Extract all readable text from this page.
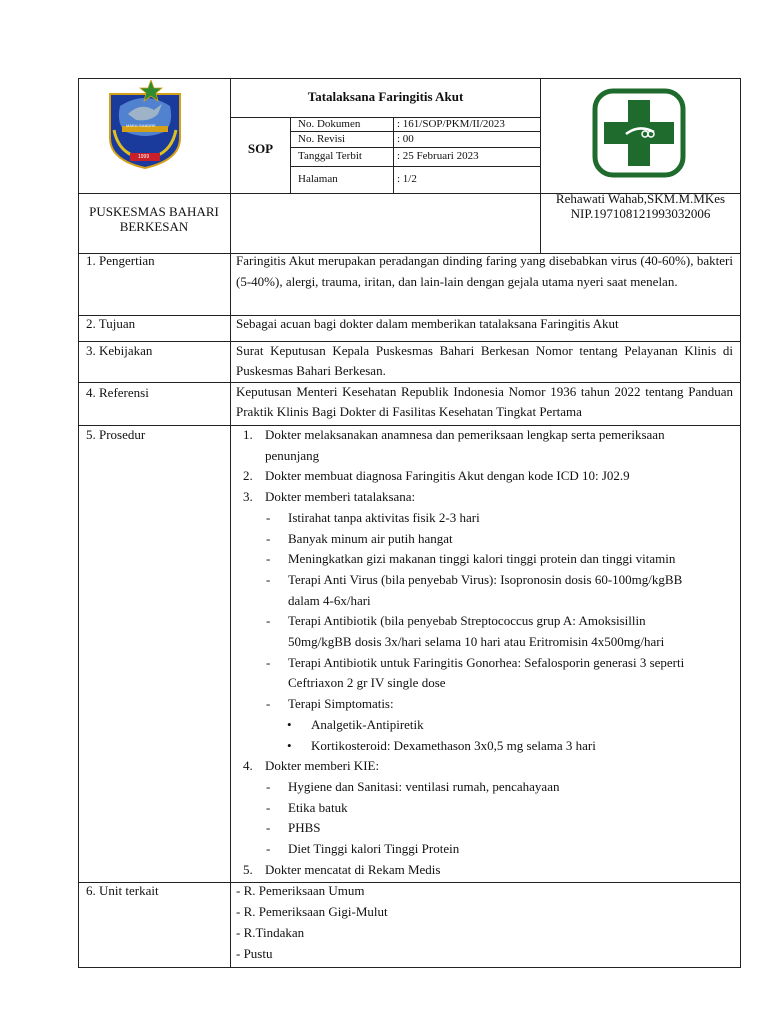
MAKU GANDRE
1999
Tatalaksana Faringitis Akut
SOP
No. Dokumen	: 161/SOP/PKM/II/2023
No. Revisi	: 00
Tanggal Terbit	: 25 Februari 2023
Halaman	: 1/2
PUSKESMAS BAHARI BERKESAN
Rehawati Wahab,SKM.M.MKes
NIP.197108121993032006
1. Pengertian	Faringitis Akut merupakan peradangan dinding faring yang disebabkan virus (40-60%), bakteri (5-40%), alergi, trauma, iritan, dan lain-lain dengan gejala utama nyeri saat menelan.
2. Tujuan	Sebagai acuan bagi dokter dalam memberikan tatalaksana Faringitis Akut
3. Kebijakan	Surat Keputusan Kepala Puskesmas Bahari Berkesan Nomor tentang Pelayanan Klinis di Puskesmas Bahari Berkesan.
4. Referensi	Keputusan Menteri Kesehatan Republik Indonesia Nomor 1936 tahun 2022 tentang Panduan Praktik Klinis Bagi Dokter di Fasilitas Kesehatan Tingkat Pertama
5. Prosedur	1. Dokter melaksanakan anamnesa dan pemeriksaan lengkap serta pemeriksaan
penunjang
2. Dokter membuat diagnosa Faringitis Akut dengan kode ICD 10: J02.9
3. Dokter memberi tatalaksana:
- Istirahat tanpa aktivitas fisik 2-3 hari
- Banyak minum air putih hangat
- Meningkatkan gizi makanan tinggi kalori tinggi protein dan tinggi vitamin
- Terapi Anti Virus (bila penyebab Virus): Isopronosin dosis 60-100mg/kgBB
dalam 4-6x/hari
- Terapi Antibiotik (bila penyebab Streptococcus grup A: Amoksisillin
50mg/kgBB dosis 3x/hari selama 10 hari atau Eritromisin 4x500mg/hari
- Terapi Antibiotik untuk Faringitis Gonorhea: Sefalosporin generasi 3 seperti
Ceftriaxon 2 gr IV single dose
- Terapi Simptomatis:
• Analgetik-Antipiretik
• Kortikosteroid: Dexamethason 3x0,5 mg selama 3 hari
4. Dokter memberi KIE:
- Hygiene dan Sanitasi: ventilasi rumah, pencahayaan
- Etika batuk
- PHBS
- Diet Tinggi kalori Tinggi Protein
5. Dokter mencatat di Rekam Medis
6. Unit terkait	- R. Pemeriksaan Umum
- R. Pemeriksaan Gigi-Mulut
- R.Tindakan
- Pustu
